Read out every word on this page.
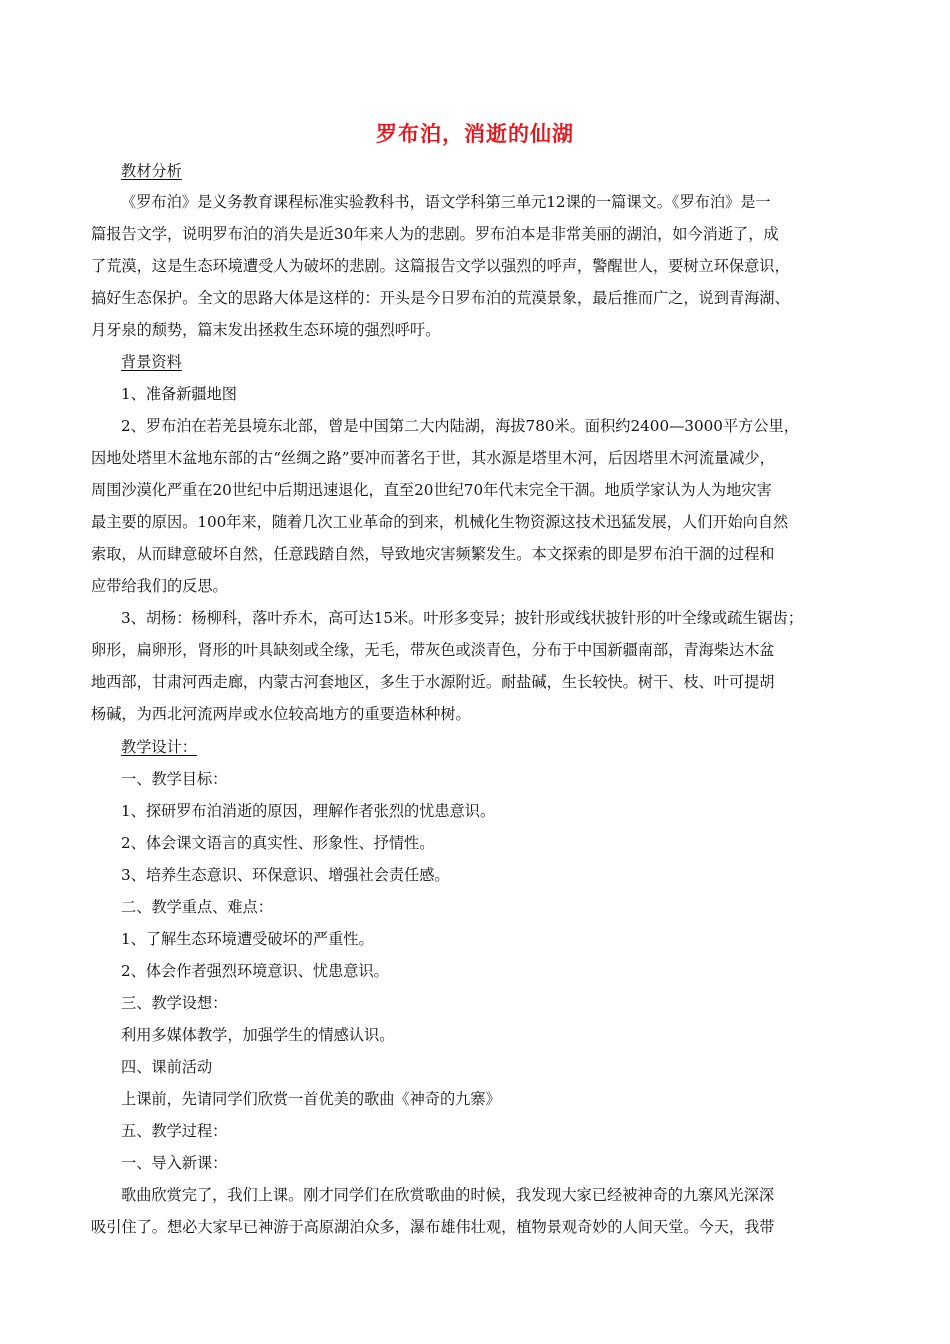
罗布泊，消逝的仙湖
教材分析
《罗布泊》是义务教育课程标准实验教科书，语文学科第三单元12课的一篇课文。《罗布泊》是一
篇报告文学，说明罗布泊的消失是近30年来人为的悲剧。罗布泊本是非常美丽的湖泊，如今消逝了，成
了荒漠，这是生态环境遭受人为破坏的悲剧。这篇报告文学以强烈的呼声，警醒世人，要树立环保意识，
搞好生态保护。全文的思路大体是这样的：开头是今日罗布泊的荒漠景象，最后推而广之，说到青海湖、
月牙泉的颓势，篇末发出拯救生态环境的强烈呼吁。
背景资料
1、准备新疆地图
2、罗布泊在若羌县境东北部，曾是中国第二大内陆湖，海拔780米。面积约2400—3000平方公里，
因地处塔里木盆地东部的古“丝绸之路”要冲而著名于世，其水源是塔里木河，后因塔里木河流量减少，
周围沙漠化严重在20世纪中后期迅速退化，直至20世纪70年代末完全干涸。地质学家认为人为地灾害
最主要的原因。100年来，随着几次工业革命的到来，机械化生物资源这技术迅猛发展，人们开始向自然
索取，从而肆意破坏自然，任意践踏自然，导致地灾害频繁发生。本文探索的即是罗布泊干涸的过程和
应带给我们的反思。
3、胡杨：杨柳科，落叶乔木，高可达15米。叶形多变异；披针形或线状披针形的叶全缘或疏生锯齿；
卵形，扁卵形，肾形的叶具缺刻或全缘，无毛，带灰色或淡青色，分布于中国新疆南部，青海柴达木盆
地西部，甘肃河西走廊，内蒙古河套地区，多生于水源附近。耐盐碱，生长较快。树干、枝、叶可提胡
杨碱，为西北河流两岸或水位较高地方的重要造林种树。
教学设计：
一、教学目标：
1、探研罗布泊消逝的原因，理解作者张烈的忧患意识。
2、体会课文语言的真实性、形象性、抒情性。
3、培养生态意识、环保意识、增强社会责任感。
二、教学重点、难点：
1、了解生态环境遭受破坏的严重性。
2、体会作者强烈环境意识、忧患意识。
三、教学设想：
利用多媒体教学，加强学生的情感认识。
四、课前活动
上课前，先请同学们欣赏一首优美的歌曲《神奇的九寨》
五、教学过程：
一、导入新课：
歌曲欣赏完了，我们上课。刚才同学们在欣赏歌曲的时候，我发现大家已经被神奇的九寨风光深深
吸引住了。想必大家早已神游于高原湖泊众多，瀑布雄伟壮观，植物景观奇妙的人间天堂。今天，我带
